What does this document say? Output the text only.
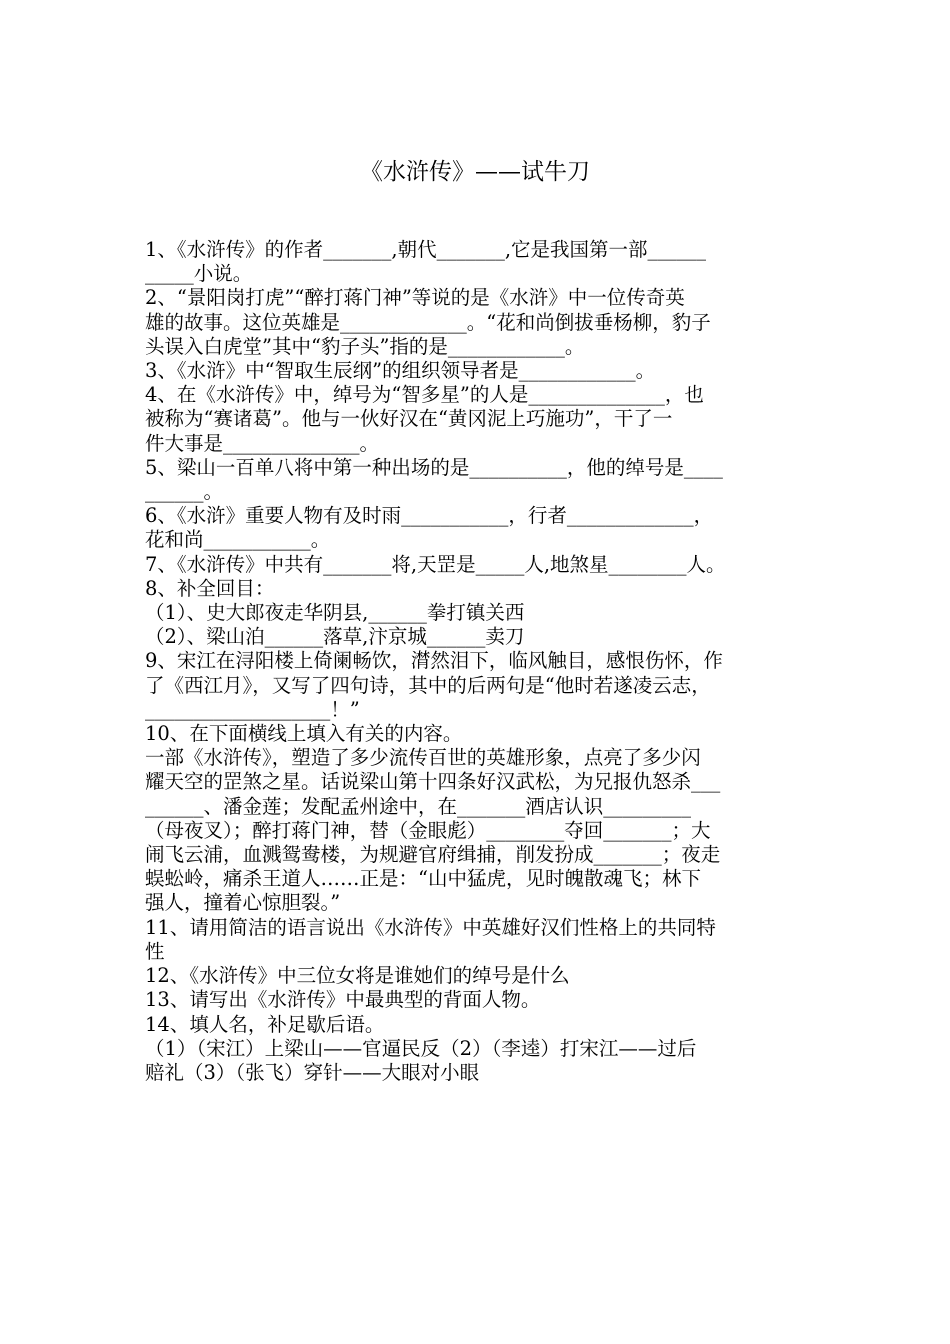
《水浒传》——试牛刀

1、《水浒传》的作者_______,朝代_______,它是我国第一部______

_____小说。

2、“景阳岗打虎”“醉打蒋门神”等说的是《水浒》中一位传奇英

雄的故事。这位英雄是_____________。“花和尚倒拔垂杨柳，豹子

头误入白虎堂”其中“豹子头”指的是____________。

3、《水浒》中“智取生辰纲”的组织领导者是____________。

4、在《水浒传》中，绰号为“智多星”的人是______________，也

被称为“赛诸葛”。他与一伙好汉在“黄冈泥上巧施功”，干了一

件大事是______________。

5、梁山一百单八将中第一种出场的是__________，他的绰号是____

______。

6、《水浒》重要人物有及时雨___________，行者_____________，

花和尚___________。

7、《水浒传》中共有_______将,天罡是_____人,地煞星________人。

8、补全回目：

（1）、史大郎夜走华阴县,______拳打镇关西

（2）、梁山泊______落草,汴京城______卖刀

9、宋江在浔阳楼上倚阑畅饮，潸然泪下，临风触目，感恨伤怀，作

了《西江月》，又写了四句诗，其中的后两句是“他时若遂凌云志，

___________________！”

10、在下面横线上填入有关的内容。

一部《水浒传》，塑造了多少流传百世的英雄形象，点亮了多少闪

耀天空的罡煞之星。话说梁山第十四条好汉武松，为兄报仇怒杀___

______、潘金莲；发配孟州途中，在_______酒店认识_________

（母夜叉）；醉打蒋门神，替（金眼彪）________夺回_______；大

闹飞云浦，血溅鸳鸯楼，为规避官府缉捕，削发扮成_______；夜走

蜈蚣岭，痛杀王道人……正是：“山中猛虎，见时魄散魂飞；林下

强人，撞着心惊胆裂。”

11、请用简洁的语言说出《水浒传》中英雄好汉们性格上的共同特

性

12、《水浒传》中三位女将是谁她们的绰号是什么

13、请写出《水浒传》中最典型的背面人物。

14、填人名，补足歇后语。

（1）（宋江）上梁山——官逼民反（2）（李逵）打宋江——过后

赔礼（3）（张飞）穿针——大眼对小眼
